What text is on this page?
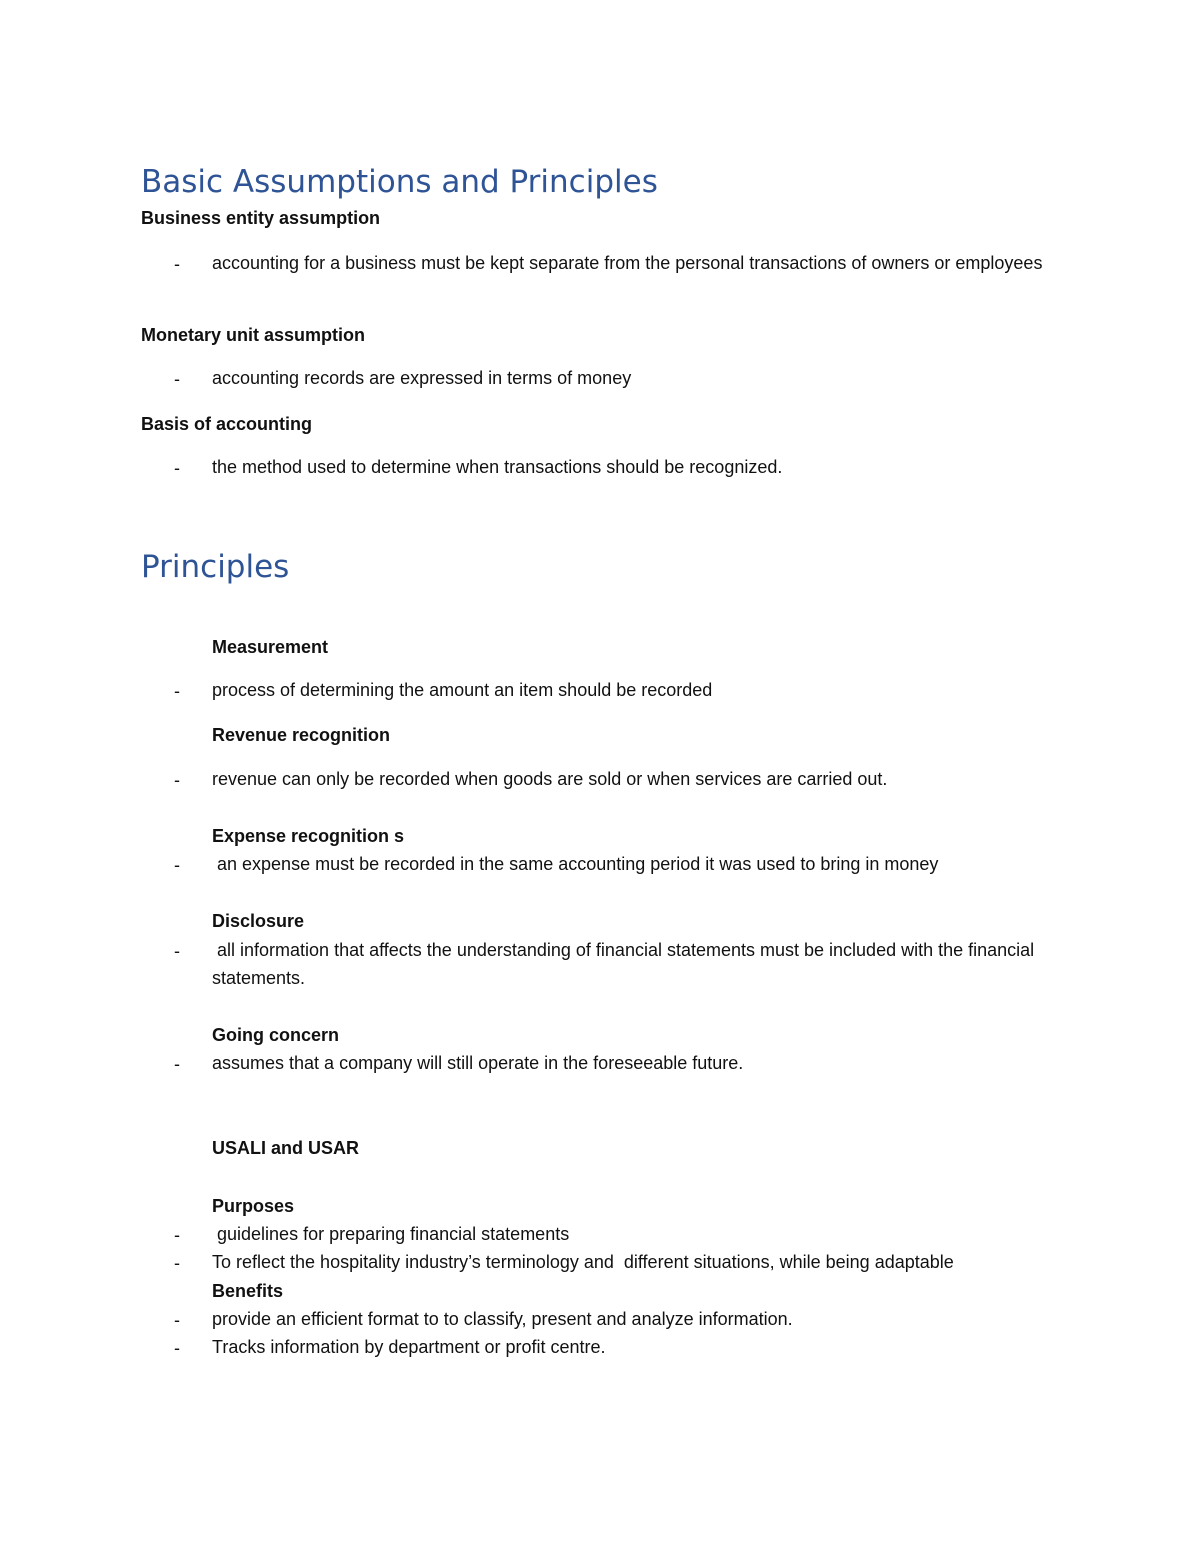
Basic Assumptions and Principles
Business entity assumption
- accounting for a business must be kept separate from the personal transactions of owners or employees
Monetary unit assumption
- accounting records are expressed in terms of money
Basis of accounting
- the method used to determine when transactions should be recognized.
Principles
Measurement
- process of determining the amount an item should be recorded
Revenue recognition
- revenue can only be recorded when goods are sold or when services are carried out.
Expense recognition s
- an expense must be recorded in the same accounting period it was used to bring in money
Disclosure
- all information that affects the understanding of financial statements must be included with the financial statements.
Going concern
- assumes that a company will still operate in the foreseeable future.
USALI and USAR
Purposes
- guidelines for preparing financial statements
- To reflect the hospitality industry’s terminology and  different situations, while being adaptable
Benefits
- provide an efficient format to to classify, present and analyze information.
- Tracks information by department or profit centre.
